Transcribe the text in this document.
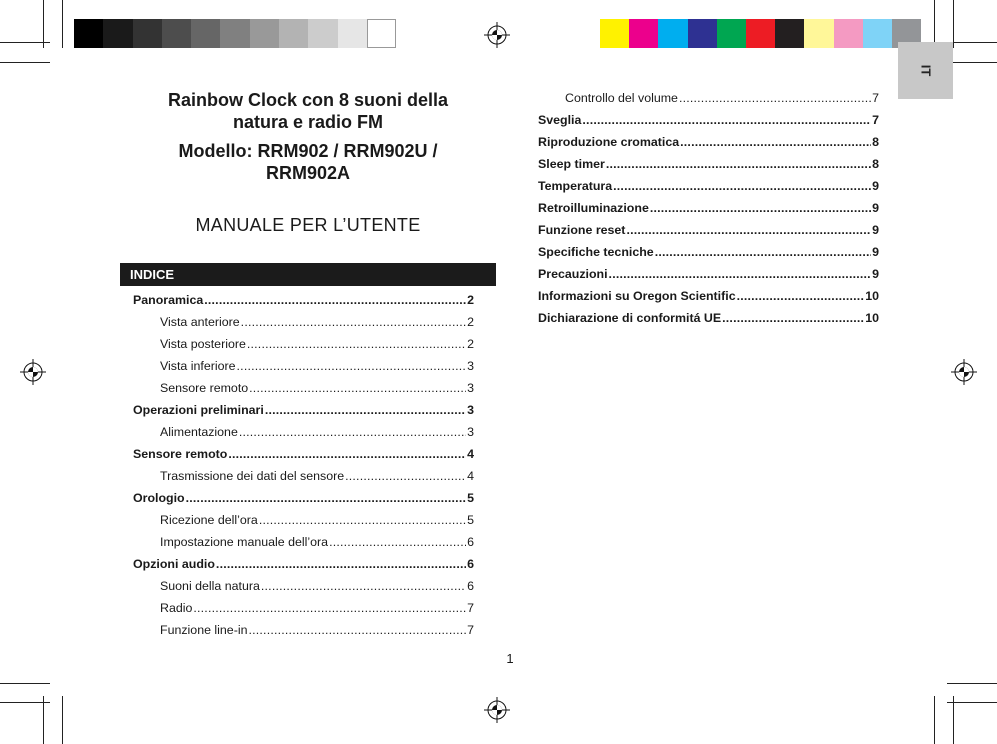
IT

Rainbow Clock con 8 suoni della

natura e radio FM

Modello: RRM902 / RRM902U /

RRM902A

MANUALE PER L’UTENTE
INDICE
Panoramica .....	2
Vista anteriore .....	2
Vista posteriore .....	2
Vista inferiore .....	3
Sensore remoto .....	3
Operazioni preliminari .....	3
Alimentazione .....	3
Sensore remoto .....	4
Trasmissione dei dati del sensore .....	4
Orologio .....	5
Ricezione dell’ora .....	5
Impostazione manuale dell’ora .....	6
Opzioni audio .....	6
Suoni della natura .....	6
Radio .....	7
Funzione line-in .....	7
Controllo del volume .....	7
Sveglia .....	7
Riproduzione cromatica .....	8
Sleep timer .....	8
Temperatura .....	9
Retroilluminazione .....	9
Funzione reset .....	9
Specifiche tecniche .....	9
Precauzioni .....	9
Informazioni su Oregon Scientific .....	10
Dichiarazione di conformitá UE .....	10
1
